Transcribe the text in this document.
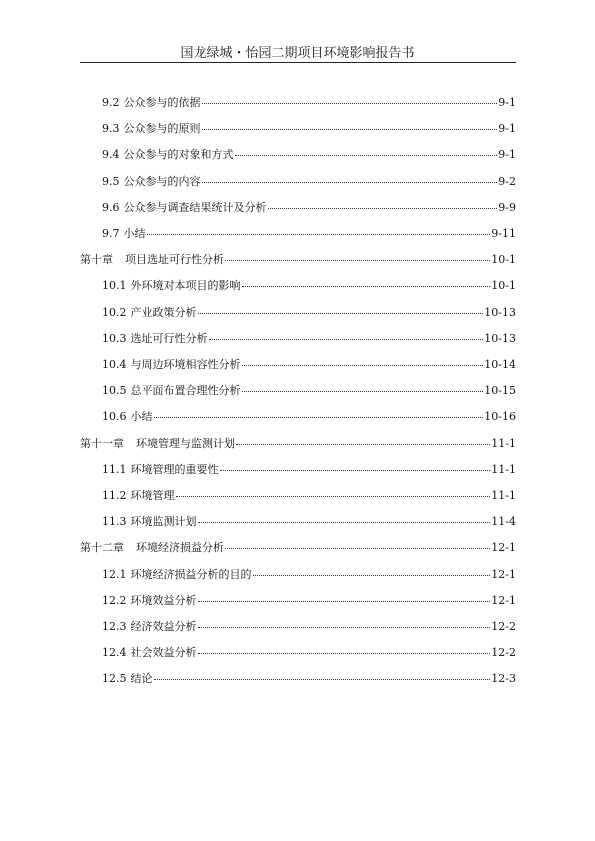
国龙绿城・怡园二期项目环境影响报告书
9.2 公众参与的依据	9-1
9.3 公众参与的原则	9-1
9.4 公众参与的对象和方式	9-1
9.5 公众参与的内容	9-2
9.6 公众参与调查结果统计及分析	9-9
9.7 小结	9-11
第十章 项目选址可行性分析	10-1
10.1 外环境对本项目的影响	10-1
10.2 产业政策分析	10-13
10.3 选址可行性分析	10-13
10.4 与周边环境相容性分析	10-14
10.5 总平面布置合理性分析	10-15
10.6 小结	10-16
第十一章 环境管理与监测计划	11-1
11.1 环境管理的重要性	11-1
11.2 环境管理	11-1
11.3 环境监测计划	11-4
第十二章 环境经济损益分析	12-1
12.1 环境经济损益分析的目的	12-1
12.2 环境效益分析	12-1
12.3 经济效益分析	12-2
12.4 社会效益分析	12-2
12.5 结论	12-3
